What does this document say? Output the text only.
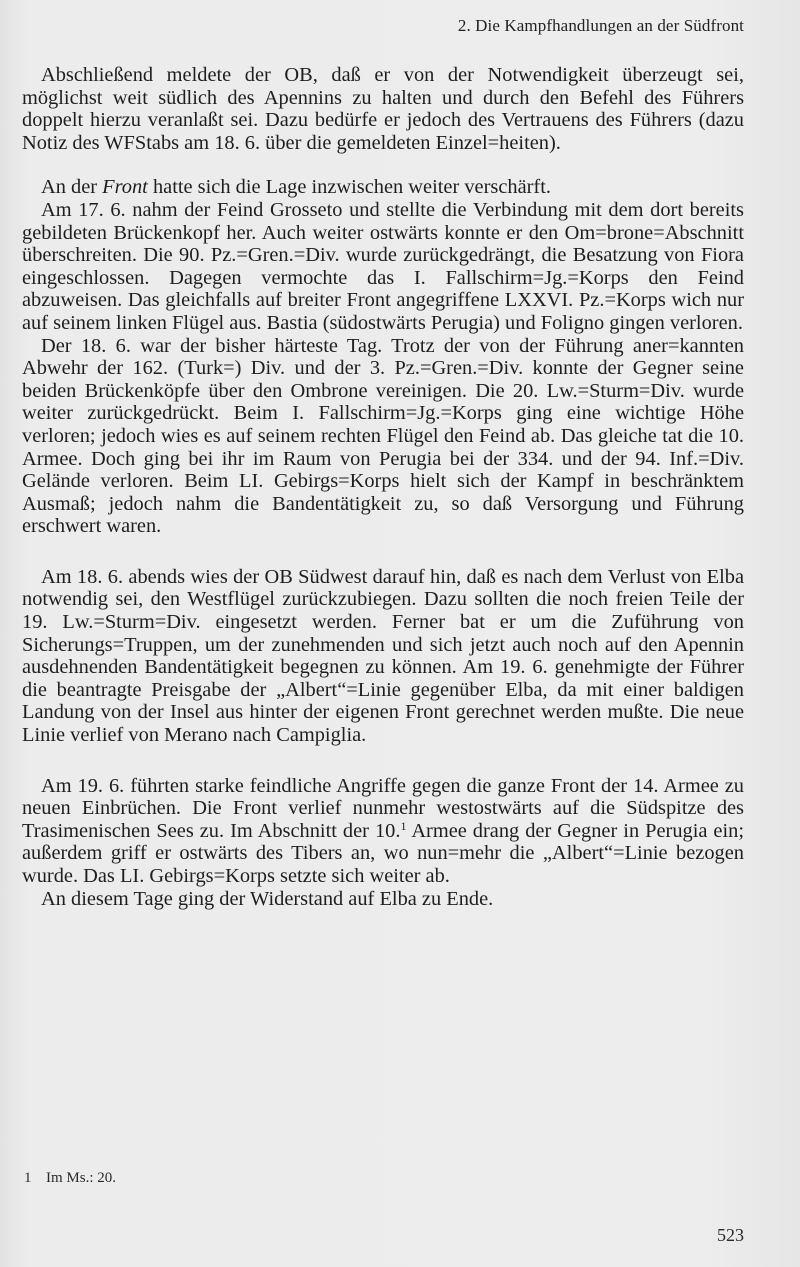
2. Die Kampfhandlungen an der Südfront

Abschließend meldete der OB, daß er von der Notwendigkeit überzeugt sei, möglichst weit südlich des Apennins zu halten und durch den Befehl des Führers doppelt hierzu veranlaßt sei. Dazu bedürfe er jedoch des Vertrauens des Führers (dazu Notiz des WFStabs am 18. 6. über die gemeldeten Einzel=heiten).

An der Front hatte sich die Lage inzwischen weiter verschärft.

Am 17. 6. nahm der Feind Grosseto und stellte die Verbindung mit dem dort bereits gebildeten Brückenkopf her. Auch weiter ostwärts konnte er den Om=brone=Abschnitt überschreiten. Die 90. Pz.=Gren.=Div. wurde zurückgedrängt, die Besatzung von Fiora eingeschlossen. Dagegen vermochte das I. Fallschirm=Jg.=Korps den Feind abzuweisen. Das gleichfalls auf breiter Front angegriffene LXXVI. Pz.=Korps wich nur auf seinem linken Flügel aus. Bastia (südostwärts Perugia) und Foligno gingen verloren.

Der 18. 6. war der bisher härteste Tag. Trotz der von der Führung aner=kannten Abwehr der 162. (Turk=) Div. und der 3. Pz.=Gren.=Div. konnte der Gegner seine beiden Brückenköpfe über den Ombrone vereinigen. Die 20. Lw.=Sturm=Div. wurde weiter zurückgedrückt. Beim I. Fallschirm=Jg.=Korps ging eine wichtige Höhe verloren; jedoch wies es auf seinem rechten Flügel den Feind ab. Das gleiche tat die 10. Armee. Doch ging bei ihr im Raum von Perugia bei der 334. und der 94. Inf.=Div. Gelände verloren. Beim LI. Gebirgs=Korps hielt sich der Kampf in beschränktem Ausmaß; jedoch nahm die Bandentätigkeit zu, so daß Versorgung und Führung erschwert waren.

Am 18. 6. abends wies der OB Südwest darauf hin, daß es nach dem Verlust von Elba notwendig sei, den Westflügel zurückzubiegen. Dazu sollten die noch freien Teile der 19. Lw.=Sturm=Div. eingesetzt werden. Ferner bat er um die Zuführung von Sicherungs=Truppen, um der zunehmenden und sich jetzt auch noch auf den Apennin ausdehnenden Bandentätigkeit begegnen zu können. Am 19. 6. genehmigte der Führer die beantragte Preisgabe der „Albert“=Linie gegenüber Elba, da mit einer baldigen Landung von der Insel aus hinter der eigenen Front gerechnet werden mußte. Die neue Linie verlief von Merano nach Campiglia.

Am 19. 6. führten starke feindliche Angriffe gegen die ganze Front der 14. Armee zu neuen Einbrüchen. Die Front verlief nunmehr westostwärts auf die Südspitze des Trasimenischen Sees zu. Im Abschnitt der 10.$^1$ Armee drang der Gegner in Perugia ein; außerdem griff er ostwärts des Tibers an, wo nun=mehr die „Albert“=Linie bezogen wurde. Das LI. Gebirgs=Korps setzte sich weiter ab.

An diesem Tage ging der Widerstand auf Elba zu Ende.

1 Im Ms.: 20.
523
